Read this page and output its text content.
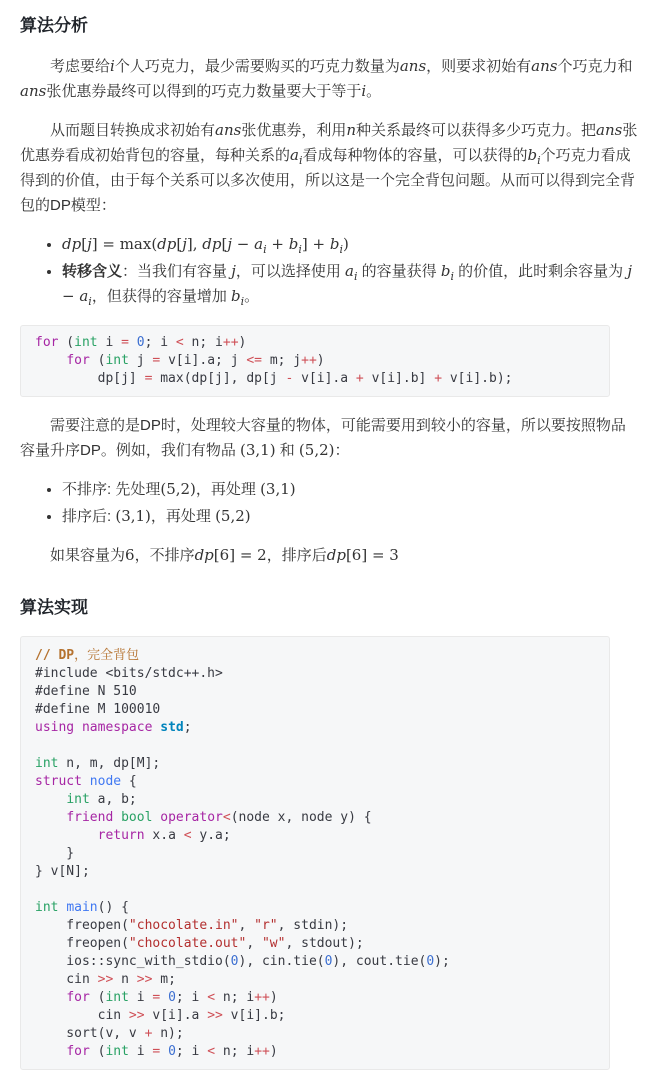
算法分析

考虑要给i个人巧克力，最少需要购买的巧克力数量为ans，则要求初始有ans个巧克力和ans张优惠券最终可以得到的巧克力数量要大于等于i。

从而题目转换成求初始有ans张优惠券，利用n种关系最终可以获得多少巧克力。把ans张优惠券看成初始背包的容量，每种关系的$a_i$看成每种物体的容量，可以获得的$b_i$个巧克力看成得到的价值，由于每个关系可以多次使用，所以这是一个完全背包问题。从而可以得到完全背包的DP模型：

• dp[j] = max(dp[j], $dp[j - a_i + b_i] + b_i$)
• 转移含义：当我们有容量 j，可以选择使用 $a_i$ 的容量获得 $b_i$ 的价值，此时剩余容量为 $j - a_i$，但获得的容量增加 $b_i$。
for (int i = 0; i < n; i++)
for (int j = v[i].a; j <= m; j++)
dp[j] = max(dp[j], dp[j - v[i].a + v[i].b] + v[i].b);

需要注意的是DP时，处理较大容量的物体，可能需要用到较小的容量，所以要按照物品容量升序DP。例如，我们有物品 (3,1) 和 (5,2)：

• 不排序: 先处理(5,2)，再处理 (3,1)
• 排序后: (3,1)，再处理 (5,2)

如果容量为6，不排序dp[6] = 2，排序后dp[6] = 3

算法实现
// DP，完全背包
#include <bits/stdc++.h>
#define N 510
#define M 100010
using namespace std;

int n, m, dp[M];
struct node {
int a, b;
friend bool operator<(node x, node y) {
return x.a < y.a;
}
} v[N];

int main() {
freopen("chocolate.in", "r", stdin);
freopen("chocolate.out", "w", stdout);
ios::sync_with_stdio(0), cin.tie(0), cout.tie(0);
cin >> n >> m;
for (int i = 0; i < n; i++)
cin >> v[i].a >> v[i].b;
sort(v, v + n);
for (int i = 0; i < n; i++)
